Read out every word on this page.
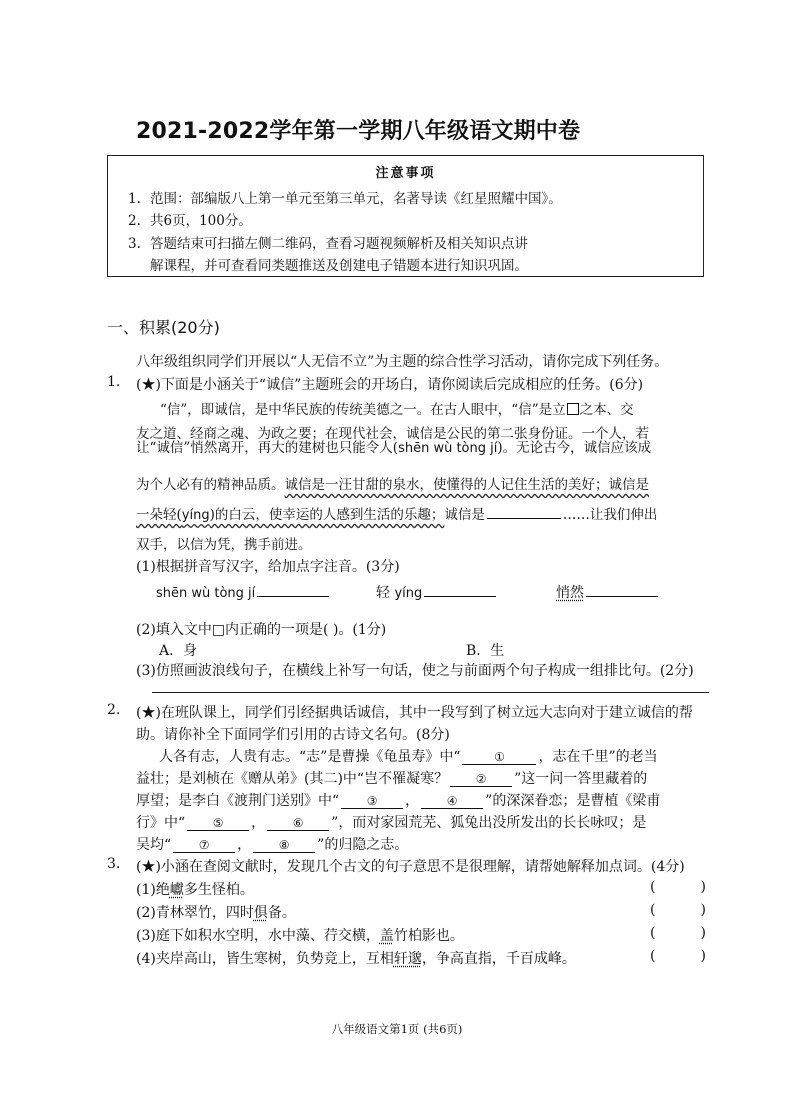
2021-2022学年第一学期八年级语文期中卷
注意事项
1. 范围：部编版八上第一单元至第三单元，名著导读《红星照耀中国》。
2. 共6页，100分。
3. 答题结束可扫描左侧二维码，查看习题视频解析及相关知识点讲
解课程，并可查看同类题推送及创建电子错题本进行知识巩固。
一、积累(20分)
八年级组织同学们开展以“人无信不立”为主题的综合性学习活动，请你完成下列任务。
1. (★)下面是小涵关于“诚信”主题班会的开场白，请你阅读后完成相应的任务。(6分)
“信”，即诚信，是中华民族的传统美德之一。在古人眼中，“信”是立 之本、交
友之道、经商之魂、为政之要；在现代社会，诚信是公民的第二张身份证。一个人，若
让“诚信”悄然离开，再大的建树也只能令人(shēn wù tòng jí)。无论古今，诚信应该成
为个人必有的精神品质。诚信是一汪甘甜的泉水，使懂得的人记住生活的美好；诚信是
一朵轻(yíng)的白云，使幸运的人感到生活的乐趣；诚信是	……让我们伸出
双手，以信为凭，携手前进。
(1)根据拼音写汉字，给加点字注音。(3分)
shēn wù tòng jí	轻 yíng	悄然
(2)填入文中□内正确的一项是( )。(1分)
A．身	B．生
(3)仿照画波浪线句子，在横线上补写一句话，使之与前面两个句子构成一组排比句。(2分)
2. (★)在班队课上，同学们引经据典话诚信，其中一段写到了树立远大志向对于建立诚信的帮
助。请你补全下面同学们引用的古诗文名句。(8分)
人各有志，人贵有志。“志”是曹操《龟虽寿》中“	① ，志在千里”的老当
益壮；是刘桢在《赠从弟》(其二)中“岂不罹凝寒？ ② ”这一问一答里藏着的
厚望；是李白《渡荆门送别》中“ ③ ， ④ ”的深深眷恋；是曹植《梁甫
行》中“ ⑤ ， ⑥ ”，而对家园荒芜、狐兔出没所发出的长长咏叹；是
吴均“ ⑦ ， ⑧ ”的归隐之志。
3. (★)小涵在查阅文献时，发现几个古文的句子意思不是很理解，请帮她解释加点词。(4分)
(1)绝巘多生怪柏。	(	)
(2)青林翠竹，四时俱备。	(	)
(3)庭下如积水空明，水中藻、荇交横，盖竹柏影也。	(	)
(4)夹岸高山，皆生寒树，负势竞上，互相轩邈，争高直指，千百成峰。	(	)
八年级语文第1页 (共6页)
